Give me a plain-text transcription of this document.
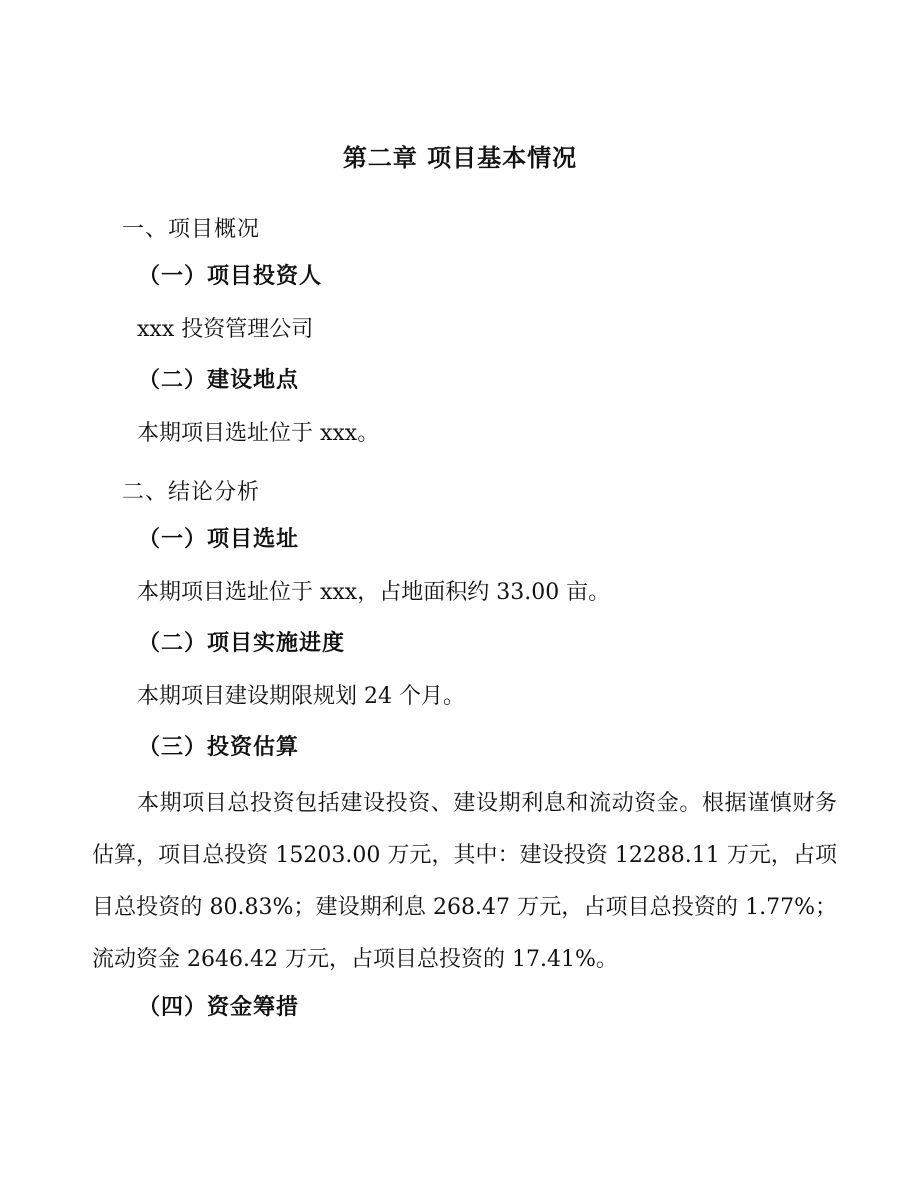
第二章 项目基本情况
一、项目概况
（一）项目投资人
xxx 投资管理公司
（二）建设地点
本期项目选址位于 xxx。
二、结论分析
（一）项目选址
本期项目选址位于 xxx，占地面积约 33.00 亩。
（二）项目实施进度
本期项目建设期限规划 24 个月。
（三）投资估算
本期项目总投资包括建设投资、建设期利息和流动资金。根据谨慎财务估算，项目总投资 15203.00 万元，其中：建设投资 12288.11 万元，占项目总投资的 80.83%；建设期利息 268.47 万元，占项目总投资的 1.77%；流动资金 2646.42 万元，占项目总投资的 17.41%。
（四）资金筹措
